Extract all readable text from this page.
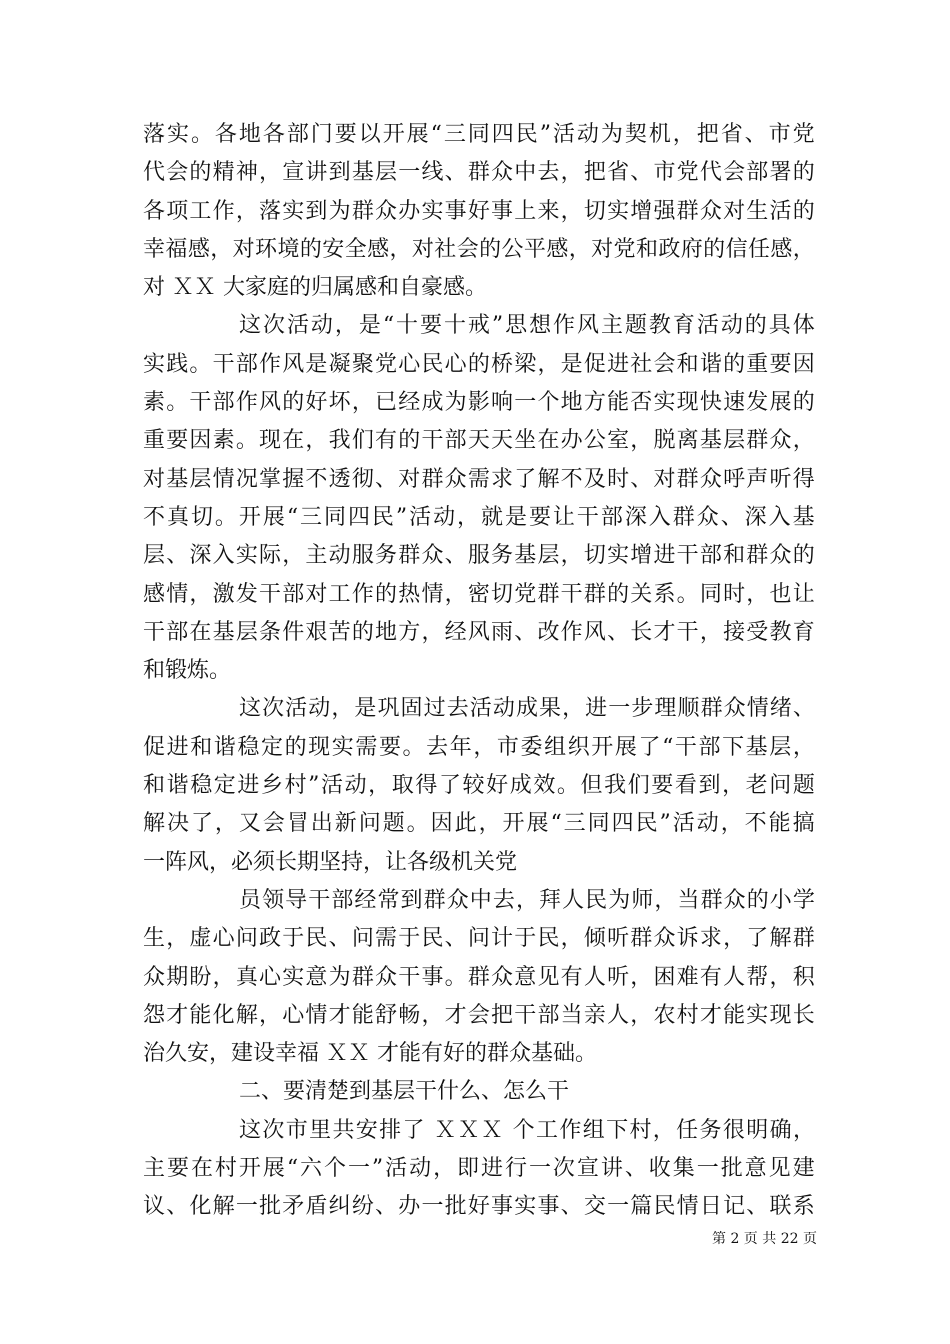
落 实 。 各 地 各 部 门 要 以 开 展 “ 三 同 四 民 ” 活 动 为 契 机 ， 把 省 、 市 党
代 会 的 精 神 ， 宣 讲 到 基 层 一 线 、 群 众 中 去 ， 把 省 、 市 党 代 会 部 署 的
各 项 工 作 ， 落 实 到 为 群 众 办 实 事 好 事 上 来 ， 切 实 增 强 群 众 对 生 活 的
幸 福 感 ， 对 环 境 的 安 全 感 ， 对 社 会 的 公 平 感 ， 对 党 和 政 府 的 信 任 感 ，
对 ＸＸ 大家庭的归属感和自豪感。
这 次 活 动 ， 是 “ 十 要 十 戒 ” 思 想 作 风 主 题 教 育 活 动 的 具 体
实 践 。 干 部 作 风 是 凝 聚 党 心 民 心 的 桥 梁 ， 是 促 进 社 会 和 谐 的 重 要 因
素 。 干 部 作 风 的 好 坏 ， 已 经 成 为 影 响 一 个 地 方 能 否 实 现 快 速 发 展 的
重 要 因 素 。 现 在 ， 我 们 有 的 干 部 天 天 坐 在 办 公 室 ， 脱 离 基 层 群 众 ，
对 基 层 情 况 掌 握 不 透 彻 、 对 群 众 需 求 了 解 不 及 时 、 对 群 众 呼 声 听 得
不 真 切 。 开 展 “ 三 同 四 民 ” 活 动 ， 就 是 要 让 干 部 深 入 群 众 、 深 入 基
层 、 深 入 实 际 ， 主 动 服 务 群 众 、 服 务 基 层 ， 切 实 增 进 干 部 和 群 众 的
感 情 ， 激 发 干 部 对 工 作 的 热 情 ， 密 切 党 群 干 群 的 关 系 。 同 时 ， 也 让
干 部 在 基 层 条 件 艰 苦 的 地 方 ， 经 风 雨 、 改 作 风 、 长 才 干 ， 接 受 教 育
和锻炼。
这 次 活 动 ， 是 巩 固 过 去 活 动 成 果 ， 进 一 步 理 顺 群 众 情 绪 、
促 进 和 谐 稳 定 的 现 实 需 要 。 去 年 ， 市 委 组 织 开 展 了 “ 干 部 下 基 层 ，
和 谐 稳 定 进 乡 村 ” 活 动 ， 取 得 了 较 好 成 效 。 但 我 们 要 看 到 ， 老 问 题
解 决 了 ， 又 会 冒 出 新 问 题 。 因 此 ， 开 展 “ 三 同 四 民 ” 活 动 ， 不 能 搞
一阵风，必须长期坚持，让各级机关党
员 领 导 干 部 经 常 到 群 众 中 去 ， 拜 人 民 为 师 ， 当 群 众 的 小 学
生 ， 虚 心 问 政 于 民 、 问 需 于 民 、 问 计 于 民 ， 倾 听 群 众 诉 求 ， 了 解 群
众 期 盼 ， 真 心 实 意 为 群 众 干 事 。 群 众 意 见 有 人 听 ， 困 难 有 人 帮 ， 积
怨 才 能 化 解 ， 心 情 才 能 舒 畅 ， 才 会 把 干 部 当 亲 人 ， 农 村 才 能 实 现 长
治久安，建设幸福 ＸＸ 才能有好的群众基础。
二、要清楚到基层干什么、怎么干
这 次 市 里 共 安 排 了
Ｘ Ｘ Ｘ
个 工 作 组 下 村 ， 任 务 很 明 确 ，
主 要 在 村 开 展 “ 六 个 一 ” 活 动 ， 即 进 行 一 次 宣 讲 、 收 集 一 批 意 见 建
议 、 化 解 一 批 矛 盾 纠 纷 、 办 一 批 好 事 实 事 、 交 一 篇 民 情 日 记 、 联 系
第 2 页 共 22 页
